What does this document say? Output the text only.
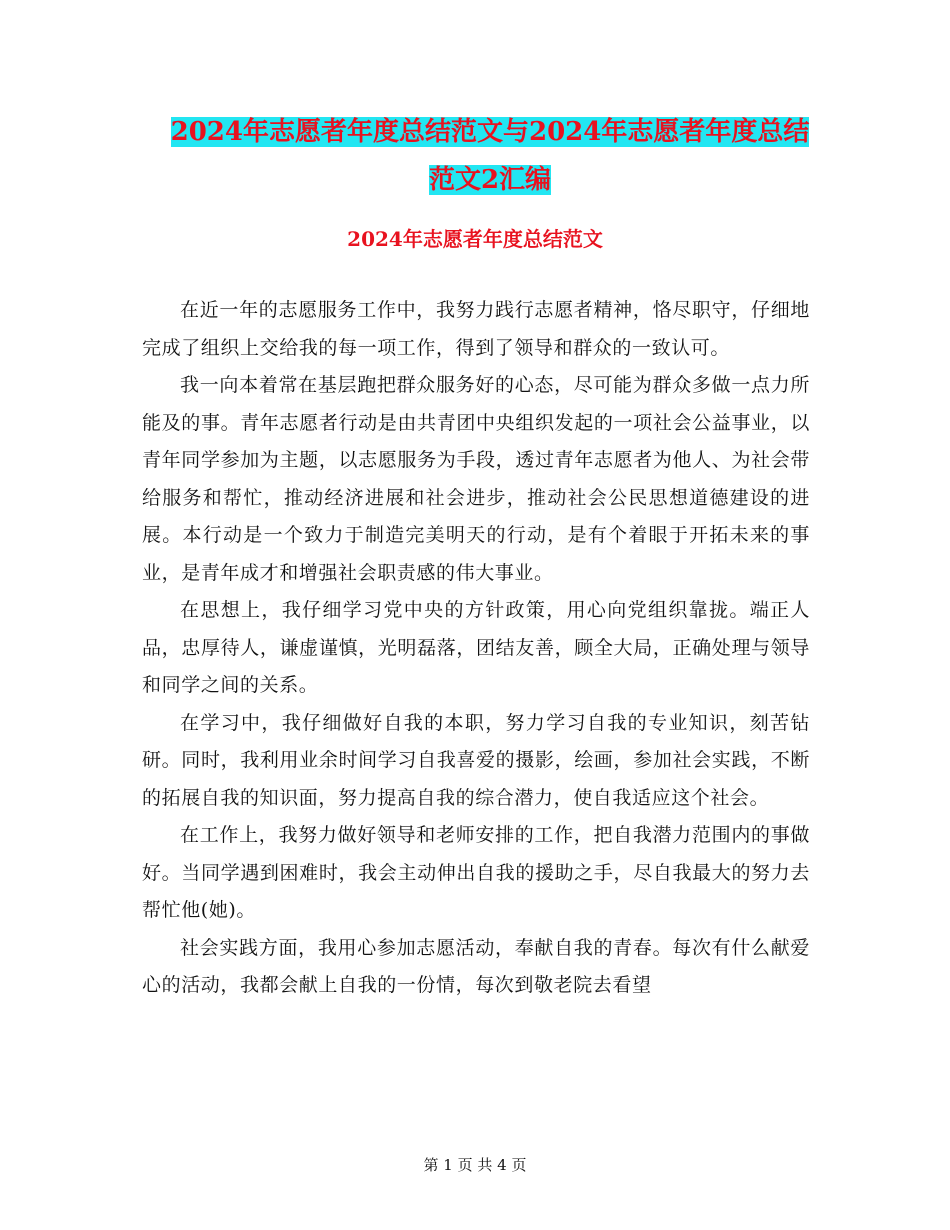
2024年志愿者年度总结范文与2024年志愿者年度总结
范文2汇编
2024年志愿者年度总结范文

在近一年的志愿服务工作中，我努力践行志愿者精神，恪尽职守，仔细地完成了组织上交给我的每一项工作，得到了领导和群众的一致认可。

我一向本着常在基层跑把群众服务好的心态，尽可能为群众多做一点力所能及的事。青年志愿者行动是由共青团中央组织发起的一项社会公益事业，以青年同学参加为主题，以志愿服务为手段，透过青年志愿者为他人、为社会带给服务和帮忙，推动经济进展和社会进步，推动社会公民思想道德建设的进展。本行动是一个致力于制造完美明天的行动，是有个着眼于开拓未来的事业，是青年成才和增强社会职责感的伟大事业。

在思想上，我仔细学习党中央的方针政策，用心向党组织靠拢。端正人品，忠厚待人，谦虚谨慎，光明磊落，团结友善，顾全大局，正确处理与领导和同学之间的关系。

在学习中，我仔细做好自我的本职，努力学习自我的专业知识，刻苦钻研。同时，我利用业余时间学习自我喜爱的摄影，绘画，参加社会实践，不断的拓展自我的知识面，努力提高自我的综合潜力，使自我适应这个社会。

在工作上，我努力做好领导和老师安排的工作，把自我潜力范围内的事做好。当同学遇到困难时，我会主动伸出自我的援助之手，尽自我最大的努力去帮忙他(她)。

社会实践方面，我用心参加志愿活动，奉献自我的青春。每次有什么献爱心的活动，我都会献上自我的一份情，每次到敬老院去看望

第 1 页 共 4 页
